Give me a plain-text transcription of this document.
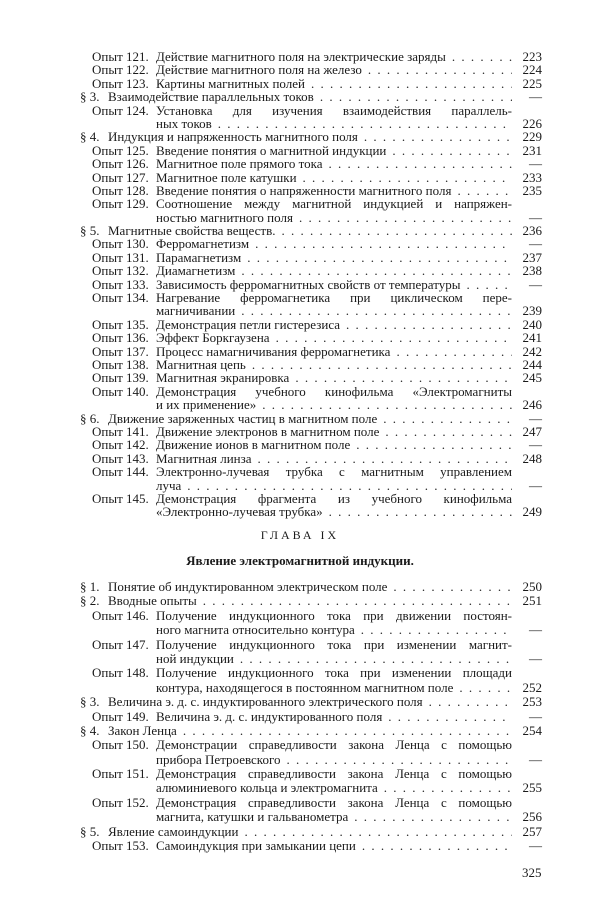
Опыт 121. Действие магнитного поля на электрические заряды . . .	223
Опыт 122. Действие магнитного поля на железо . . .	224
Опыт 123. Картины магнитных полей . . .	225
§ 3. Взаимодействие параллельных токов . . .	—
Опыт 124. Установка для изучения взаимодействия параллель-
ных токов . . .	226
§ 4. Индукция и напряженность магнитного поля . . .	229
Опыт 125. Введение понятия о магнитной индукции . . .	231
Опыт 126. Магнитное поле прямого тока . . .	—
Опыт 127. Магнитное поле катушки . . .	233
Опыт 128. Введение понятия о напряженности магнитного поля . . .	235
Опыт 129. Соотношение между магнитной индукцией и напряжен-
ностью магнитного поля . . .	—
§ 5. Магнитные свойства веществ. . . .	236
Опыт 130. Ферромагнетизм . . .	—
Опыт 131. Парамагнетизм . . .	237
Опыт 132. Диамагнетизм . . .	238
Опыт 133. Зависимость ферромагнитных свойств от температуры . . .	—
Опыт 134. Нагревание ферромагнетика при циклическом пере-
магничивании . . .	239
Опыт 135. Демонстрация петли гистерезиса . . .	240
Опыт 136. Эффект Боркгаузена . . .	241
Опыт 137. Процесс намагничивания ферромагнетика . . .	242
Опыт 138. Магнитная цепь . . .	244
Опыт 139. Магнитная экранировка . . .	245
Опыт 140. Демонстрация учебного кинофильма «Электромагниты
и их применение» . . .	246
§ 6. Движение заряженных частиц в магнитном поле . . .	—
Опыт 141. Движение электронов в магнитном поле . . .	247
Опыт 142. Движение ионов в магнитном поле . . .	—
Опыт 143. Магнитная линза . . .	248
Опыт 144. Электронно-лучевая трубка с магнитным управлением
луча . . .	—
Опыт 145. Демонстрация фрагмента из учебного кинофильма
«Электронно-лучевая трубка» . . .	249
ГЛАВА IX
Явление электромагнитной индукции.
§ 1. Понятие об индуктированном электрическом поле . . .	250
§ 2. Вводные опыты . . .	251
Опыт 146. Получение индукционного тока при движении постоян-
ного магнита относительно контура . . .	—
Опыт 147. Получение индукционного тока при изменении магнит-
ной индукции . . .	—
Опыт 148. Получение индукционного тока при изменении площади
контура, находящегося в постоянном магнитном поле . . .	252
§ 3. Величина э. д. с. индуктированного электрического поля . . .	253
Опыт 149. Величина э. д. с. индуктированного поля . . .	—
§ 4. Закон Ленца . . .	254
Опыт 150. Демонстрации справедливости закона Ленца с помощью
прибора Петроевского . . .	—
Опыт 151. Демонстрация справедливости закона Ленца с помощью
алюминиевого кольца и электромагнита . . .	255
Опыт 152. Демонстрация справедливости закона Ленца с помощью
магнита, катушки и гальванометра . . .	256
§ 5. Явление самоиндукции . . .	257
Опыт 153. Самоиндукция при замыкании цепи . . .	—
325
